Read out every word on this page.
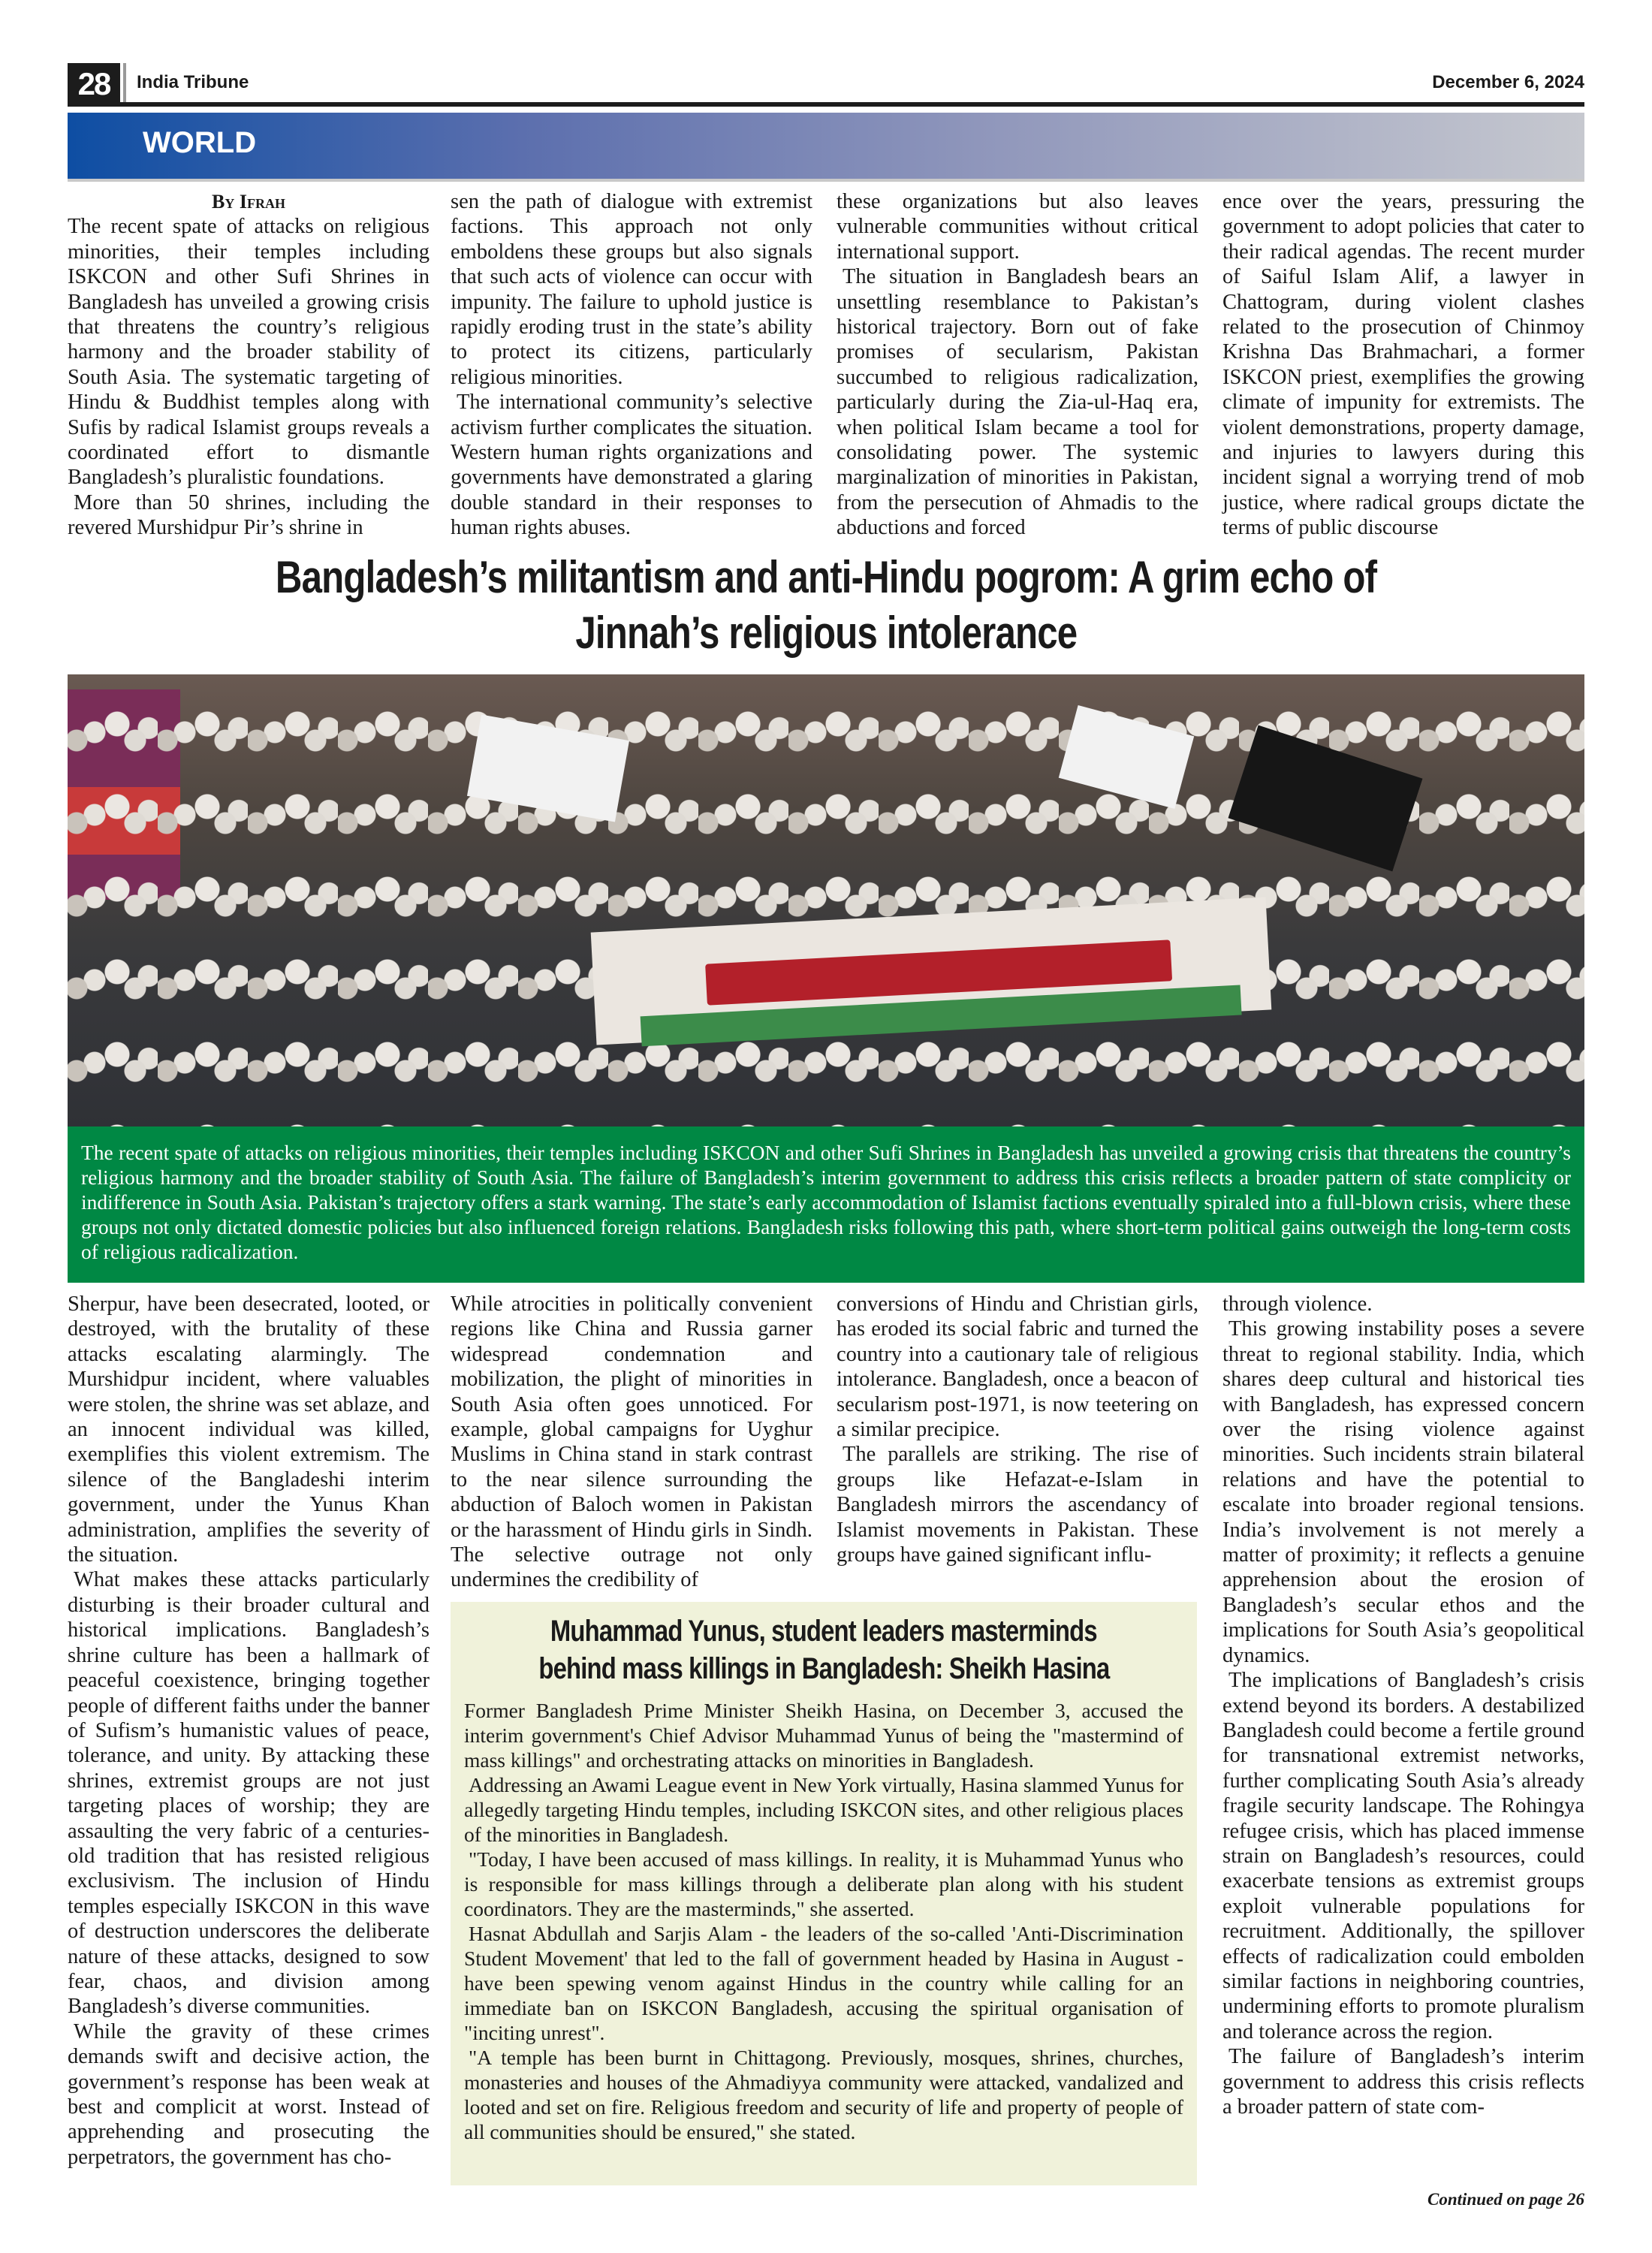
28	India Tribune	December 6, 2024
WORLD
By Ifrah

The recent spate of attacks on religious minorities, their temples including ISKCON and other Sufi Shrines in Bangladesh has unveiled a growing crisis that threatens the country’s religious harmony and the broader stability of South Asia. The systematic targeting of Hindu & Buddhist temples along with Sufis by radical Islamist groups reveals a coordinated effort to dismantle Bangladesh’s pluralistic foundations.

More than 50 shrines, including the revered Murshidpur Pir’s shrine in

sen the path of dialogue with extremist factions. This approach not only emboldens these groups but also signals that such acts of violence can occur with impunity. The failure to uphold justice is rapidly eroding trust in the state’s ability to protect its citizens, particularly religious minorities.

The international community’s selective activism further complicates the situation. Western human rights organizations and governments have demonstrated a glaring double standard in their responses to human rights abuses.

these organizations but also leaves vulnerable communities without critical international support.

The situation in Bangladesh bears an unsettling resemblance to Pakistan’s historical trajectory. Born out of fake promises of secularism, Pakistan succumbed to religious radicalization, particularly during the Zia-ul-Haq era, when political Islam became a tool for consolidating power. The systemic marginalization of minorities in Pakistan, from the persecution of Ahmadis to the abductions and forced

ence over the years, pressuring the government to adopt policies that cater to their radical agendas. The recent murder of Saiful Islam Alif, a lawyer in Chattogram, during violent clashes related to the prosecution of Chinmoy Krishna Das Brahmachari, a former ISKCON priest, exemplifies the growing climate of impunity for extremists. The violent demonstrations, property damage, and injuries to lawyers during this incident signal a worrying trend of mob justice, where radical groups dictate the terms of public discourse

Bangladesh’s militantism and anti-Hindu pogrom: A grim echo of
Jinnah’s religious intolerance
The recent spate of attacks on religious minorities, their temples including ISKCON and other Sufi Shrines in Bangladesh has unveiled a growing crisis that threatens the country’s religious harmony and the broader stability of South Asia. The failure of Bangladesh’s interim government to address this crisis reflects a broader pattern of state complicity or indifference in South Asia. Pakistan’s trajectory offers a stark warning. The state’s early accommodation of Islamist factions eventually spiraled into a full-blown crisis, where these groups not only dictated domestic policies but also influenced foreign relations. Bangladesh risks following this path, where short-term political gains outweigh the long-term costs of religious radicalization.

Sherpur, have been desecrated, looted, or destroyed, with the brutality of these attacks escalating alarmingly. The Murshidpur incident, where valuables were stolen, the shrine was set ablaze, and an innocent individual was killed, exemplifies this violent extremism. The silence of the Bangladeshi interim government, under the Yunus Khan administration, amplifies the severity of the situation.

What makes these attacks particularly disturbing is their broader cultural and historical implications. Bangladesh’s shrine culture has been a hallmark of peaceful coexistence, bringing together people of different faiths under the banner of Sufism’s humanistic values of peace, tolerance, and unity. By attacking these shrines, extremist groups are not just targeting places of worship; they are assaulting the very fabric of a centuries-old tradition that has resisted religious exclusivism. The inclusion of Hindu temples especially ISKCON in this wave of destruction underscores the deliberate nature of these attacks, designed to sow fear, chaos, and division among Bangladesh’s diverse communities.

While the gravity of these crimes demands swift and decisive action, the government’s response has been weak at best and complicit at worst. Instead of apprehending and prosecuting the perpetrators, the government has cho-

While atrocities in politically convenient regions like China and Russia garner widespread condemnation and mobilization, the plight of minorities in South Asia often goes unnoticed. For example, global campaigns for Uyghur Muslims in China stand in stark contrast to the near silence surrounding the abduction of Baloch women in Pakistan or the harassment of Hindu girls in Sindh. The selective outrage not only undermines the credibility of

conversions of Hindu and Christian girls, has eroded its social fabric and turned the country into a cautionary tale of religious intolerance. Bangladesh, once a beacon of secularism post-1971, is now teetering on a similar precipice.

The parallels are striking. The rise of groups like Hefazat-e-Islam in Bangladesh mirrors the ascendancy of Islamist movements in Pakistan. These groups have gained significant influ-

through violence.

This growing instability poses a severe threat to regional stability. India, which shares deep cultural and historical ties with Bangladesh, has expressed concern over the rising violence against minorities. Such incidents strain bilateral relations and have the potential to escalate into broader regional tensions. India’s involvement is not merely a matter of proximity; it reflects a genuine apprehension about the erosion of Bangladesh’s secular ethos and the implications for South Asia’s geopolitical dynamics.

The implications of Bangladesh’s crisis extend beyond its borders. A destabilized Bangladesh could become a fertile ground for transnational extremist networks, further complicating South Asia’s already fragile security landscape. The Rohingya refugee crisis, which has placed immense strain on Bangladesh’s resources, could exacerbate tensions as extremist groups exploit vulnerable populations for recruitment. Additionally, the spillover effects of radicalization could embolden similar factions in neighboring countries, undermining efforts to promote pluralism and tolerance across the region.

The failure of Bangladesh’s interim government to address this crisis reflects a broader pattern of state com-

Continued on page 26
Muhammad Yunus, student leaders masterminds
behind mass killings in Bangladesh: Sheikh Hasina

Former Bangladesh Prime Minister Sheikh Hasina, on December 3, accused the interim government's Chief Advisor Muhammad Yunus of being the "mastermind of mass killings" and orchestrating attacks on minorities in Bangladesh.

Addressing an Awami League event in New York virtually, Hasina slammed Yunus for allegedly targeting Hindu temples, including ISKCON sites, and other religious places of the minorities in Bangladesh.

"Today, I have been accused of mass killings. In reality, it is Muhammad Yunus who is responsible for mass killings through a deliberate plan along with his student coordinators. They are the masterminds," she asserted.

Hasnat Abdullah and Sarjis Alam - the leaders of the so-called 'Anti-Discrimination Student Movement' that led to the fall of government headed by Hasina in August - have been spewing venom against Hindus in the country while calling for an immediate ban on ISKCON Bangladesh, accusing the spiritual organisation of "inciting unrest".

"A temple has been burnt in Chittagong. Previously, mosques, shrines, churches, monasteries and houses of the Ahmadiyya community were attacked, vandalized and looted and set on fire. Religious freedom and security of life and property of people of all communities should be ensured," she stated.
